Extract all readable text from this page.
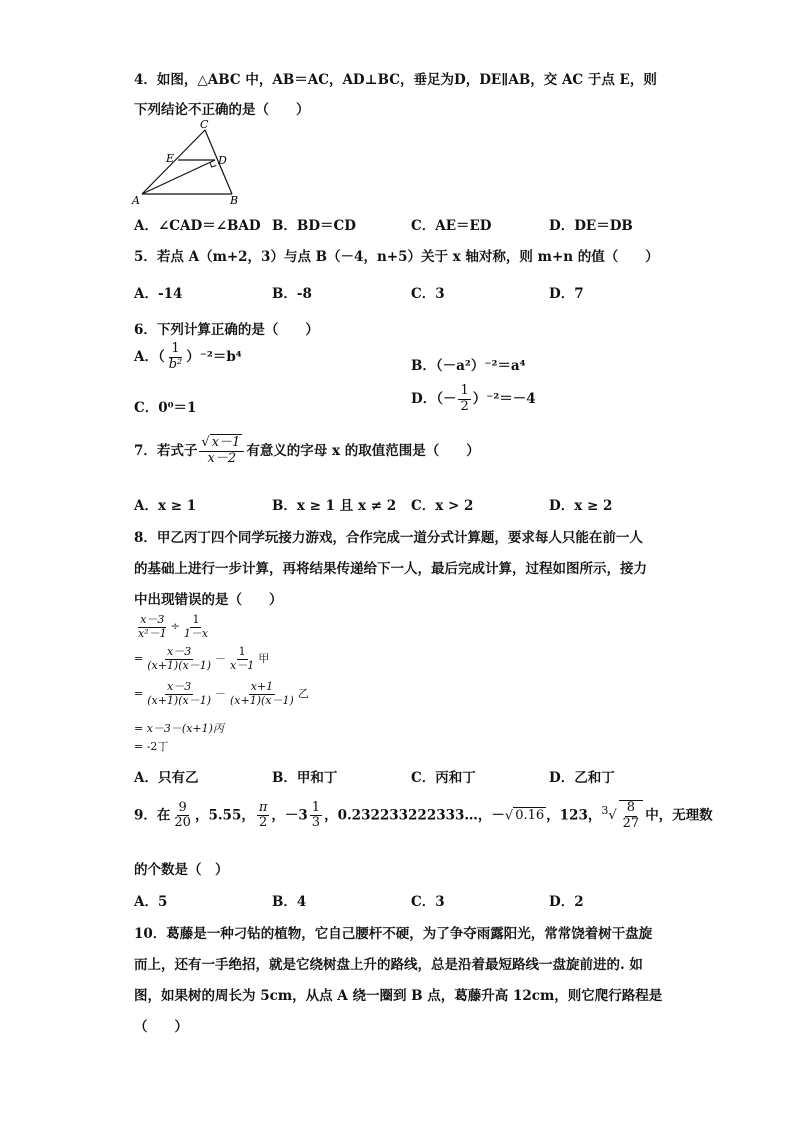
4．如图，△ABC 中，AB＝AC，AD⊥BC，垂足为D，DE∥AB，交 AC 于点 E，则
下列结论不正确的是（　　）
C
E	D
A	B
A．∠CAD＝∠BAD B．BD＝CD	C．AE＝ED	D．DE＝DB
5．若点 A（m+2，3）与点 B（－4，n+5）关于 x 轴对称，则 m+n 的值（　　）
A．-14	B．-8	C．3	D．7
6．下列计算正确的是（　　）
A．（ $\frac{1}{\text{b²}} )^{-2}=b^4$
B．（－a²）⁻²＝a⁴
C．0⁰＝1
D．（－ $\frac{1}{2} )^{-2}=-4$
7．若式子 $\frac{√ x-1}{x-2}$ 有意义的字母 x 的取值范围是（　　）
A．x ≥ 1	B．x ≥ 1 且 x ≠ 2 C．x > 2	D．x ≥ 2
8．甲乙丙丁四个同学玩接力游戏，合作完成一道分式计算题，要求每人只能在前一人
的基础上进行一步计算，再将结果传递给下一人，最后完成计算，过程如图所示，接力
中出现错误的是（　　）
$\frac{x-3}{\text{x²－1}} \div \frac{1}{1-x}$
= $\frac{x-3}{(x+1)(x-1)} - \frac{1}{x-1}$ 甲
= $\frac{x-3}{(x+1)(x-1)} - \frac{x+1}{(x+1)(x-1)}$ 乙
= x－3－(x+1)丙
= -2丁
A．只有乙	B．甲和丁	C．丙和丁	D．乙和丁
9．在 $\frac{9}{20}$ ，5.55， $\frac{\pi}{2}$ ，$-3 \frac{1}{3}$ ，0.232233222333…，－√ 0.16 ，123，$^3√ \frac{8}{27}$ 中，无理数
的个数是（　）
A．5	B．4	C．3	D．2
10．葛藤是一种刁钻的植物，它自己腰杆不硬，为了争夺雨露阳光，常常饶着树干盘旋
而上，还有一手绝招，就是它绕树盘上升的路线，总是沿着最短路线一盘旋前进的. 如
图，如果树的周长为 5cm，从点 A 绕一圈到 B 点，葛藤升高 12cm，则它爬行路程是
（　　）
